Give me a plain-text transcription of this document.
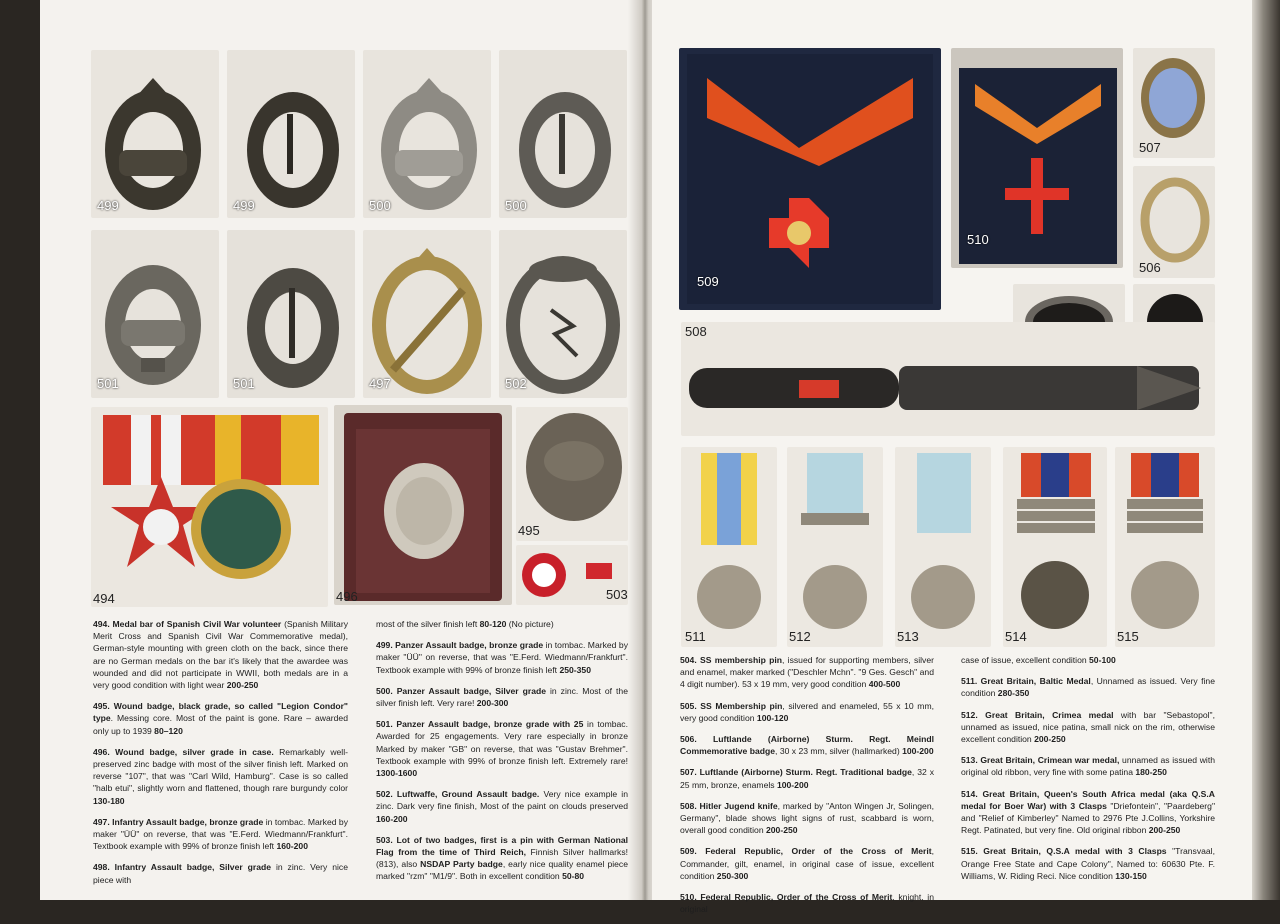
499	499	500	500
501	501	497	502
494	496
495
503
494. Medal bar of Spanish Civil War volunteer (Spanish Military Merit Cross and Spanish Civil War Commemorative medal), German-style mounting with green cloth on the back, since there are no German medals on the bar it's likely that the awardee was wounded and did not participate in WWII, both medals are in a very good condition with light wear 200-250
495. Wound badge, black grade, so called "Legion Condor" type. Messing core. Most of the paint is gone. Rare – awarded only up to 1939 80–120
496. Wound badge, silver grade in case. Remarkably well-preserved zinc badge with most of the silver finish left. Marked on reverse "107", that was "Carl Wild, Hamburg". Case is so called "halb etui", slightly worn and flattened, though rare burgundy color 130-180
497. Infantry Assault badge, bronze grade in tombac. Marked by maker "ÜÜ" on reverse, that was "E.Ferd. Wiedmann/Frankfurt". Textbook example with 99% of bronze finish left 160-200
498. Infantry Assault badge, Silver grade in zinc. Very nice piece with
most of the silver finish left 80-120 (No picture)
499. Panzer Assault badge, bronze grade in tombac. Marked by maker "ÜÜ" on reverse, that was "E.Ferd. Wiedmann/Frankfurt". Textbook example with 99% of bronze finish left 250-350
500. Panzer Assault badge, Silver grade in zinc. Most of the silver finish left. Very rare! 200-300
501. Panzer Assault badge, bronze grade with 25 in tombac. Awarded for 25 engagements. Very rare especially in bronze Marked by maker "GB" on reverse, that was "Gustav Brehmer". Textbook example with 99% of bronze finish left. Extremely rare! 1300-1600
502. Luftwaffe, Ground Assault badge. Very nice example in zinc. Dark very fine finish, Most of the paint on clouds preserved 160-200
503. Lot of two badges, first is a pin with German National Flag from the time of Third Reich, Finnish Silver hallmarks! (813), also NSDAP Party badge, early nice quality enamel piece marked "rzm" "M1/9". Both in excellent condition 50-80
509
510
507
506
508
511	512	513	514	515
504. SS membership pin, issued for supporting members, silver and enamel, maker marked ("Deschler Mchn". "9 Ges. Gesch" and 4 digit number). 53 x 19 mm, very good condition 400-500
505. SS Membership pin, silvered and enameled, 55 x 10 mm, very good condition 100-120
506. Luftlande (Airborne) Sturm. Regt. Meindl Commemorative badge, 30 x 23 mm, silver (hallmarked) 100-200
507. Luftlande (Airborne) Sturm. Regt. Traditional badge, 32 x 25 mm, bronze, enamels 100-200
508. Hitler Jugend knife, marked by "Anton Wingen Jr, Solingen, Germany", blade shows light signs of rust, scabbard is worn, overall good condition 200-250
509. Federal Republic, Order of the Cross of Merit, Commander, gilt, enamel, in original case of issue, excellent condition 250-300
510. Federal Republic, Order of the Cross of Merit, knight, in original
case of issue, excellent condition 50-100
511. Great Britain, Baltic Medal, Unnamed as issued. Very fine condition 280-350
512. Great Britain, Crimea medal with bar "Sebastopol", unnamed as issued, nice patina, small nick on the rim, otherwise excellent condition 200-250
513. Great Britain, Crimean war medal, unnamed as issued with original old ribbon, very fine with some patina 180-250
514. Great Britain, Queen's South Africa medal (aka Q.S.A medal for Boer War) with 3 Clasps "Driefontein", "Paardeberg" and "Relief of Kimberley" Named to 2976 Pte J.Collins, Yorkshire Regt. Patinated, but very fine. Old original ribbon 200-250
515. Great Britain, Q.S.A medal with 3 Clasps "Transvaal, Orange Free State and Cape Colony", Named to: 60630 Pte. F. Williams, W. Riding Reci. Nice condition 130-150
